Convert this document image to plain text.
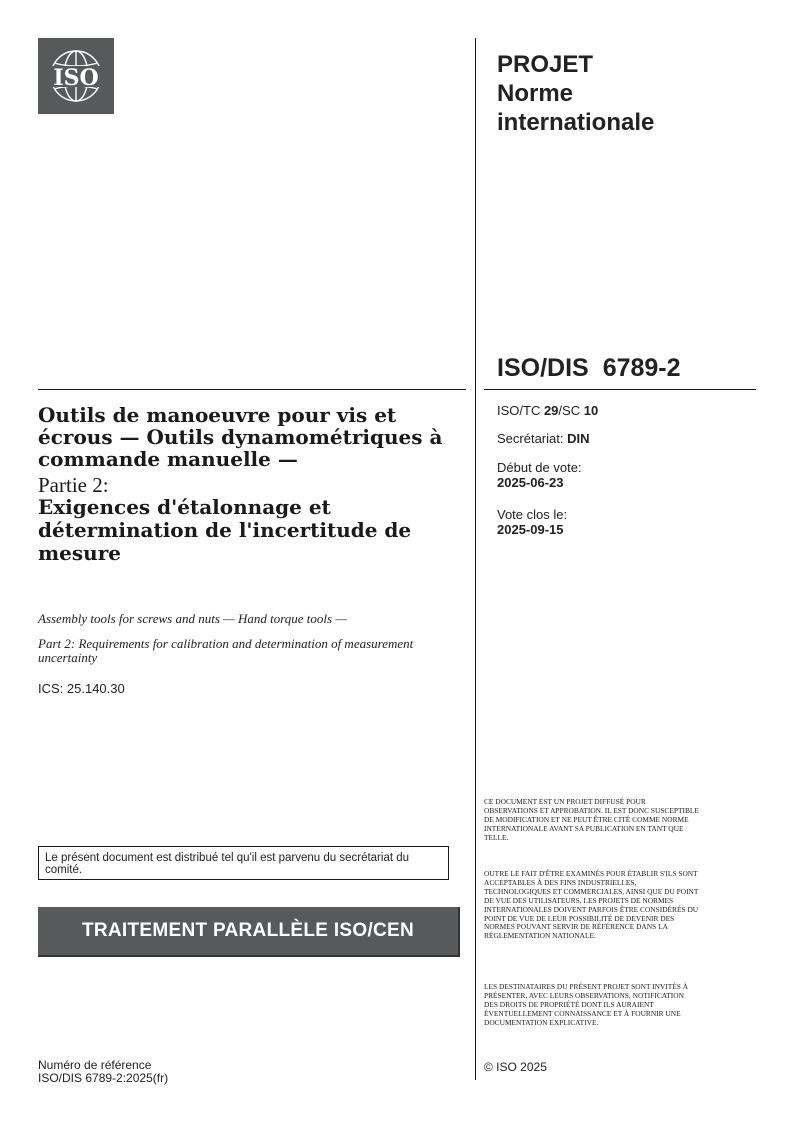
ISO	PROJET
Norme
internationale
ISO/DIS 6789-2
ISO/TC 29/SC 10
Secrétariat: DIN
Début de vote:
2025-06-23
Vote clos le:
2025-09-15
Outils de manoeuvre pour vis et écrous — Outils dynamométriques à commande manuelle —
Partie 2:
Exigences d'étalonnage et détermination de l'incertitude de mesure
Assembly tools for screws and nuts — Hand torque tools —
Part 2: Requirements for calibration and determination of measurement uncertainty
ICS: 25.140.30
Le présent document est distribué tel qu'il est parvenu du secrétariat du comité.
TRAITEMENT PARALLÈLE ISO/CEN
Numéro de référence
ISO/DIS 6789-2:2025(fr)
CE DOCUMENT EST UN PROJET DIFFUSÉ POUR OBSERVATIONS ET APPROBATION. IL EST DONC SUSCEPTIBLE DE MODIFICATION ET NE PEUT ÊTRE CITÉ COMME NORME INTERNATIONALE AVANT SA PUBLICATION EN TANT QUE TELLE.
OUTRE LE FAIT D'ÊTRE EXAMINÉS POUR ÉTABLIR S'ILS SONT ACCEPTABLES À DES FINS INDUSTRIELLES, TECHNOLOGIQUES ET COMMERCIALES, AINSI QUE DU POINT DE VUE DES UTILISATEURS, LES PROJETS DE NORMES INTERNATIONALES DOIVENT PARFOIS ÊTRE CONSIDÉRÉS DU POINT DE VUE DE LEUR POSSIBILITÉ DE DEVENIR DES NORMES POUVANT SERVIR DE RÉFÉRENCE DANS LA RÉGLEMENTATION NATIONALE.
LES DESTINATAIRES DU PRÉSENT PROJET SONT INVITÉS À PRÉSENTER, AVEC LEURS OBSERVATIONS, NOTIFICATION DES DROITS DE PROPRIÉTÉ DONT ILS AURAIENT ÉVENTUELLEMENT CONNAISSANCE ET À FOURNIR UNE DOCUMENTATION EXPLICATIVE.
© ISO 2025
